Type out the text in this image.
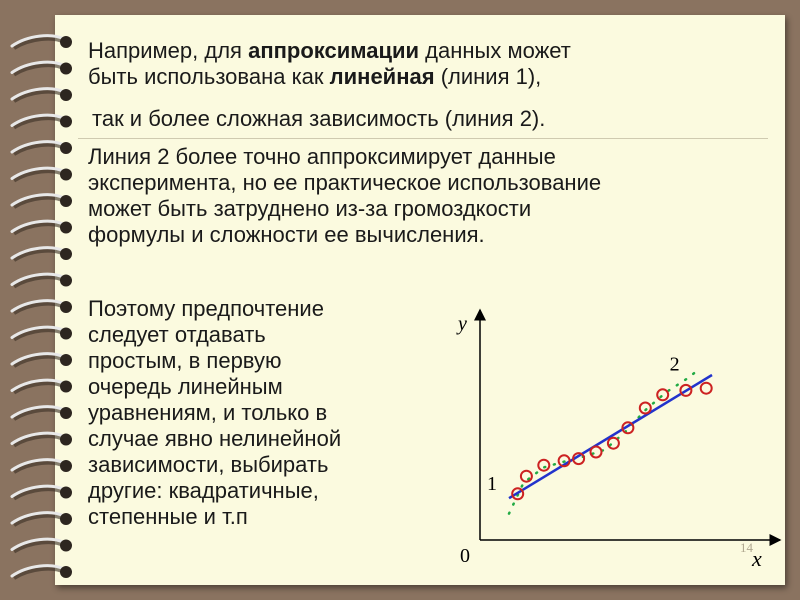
Например, для аппроксимации данных может

быть использована как линейная (линия 1),

так и более сложная зависимость (линия 2).

Линия 2 более точно аппроксимирует данные
эксперимента, но ее практическое использование
может быть затруднено из-за громоздкости
формулы и сложности ее вычисления.
Поэтому предпочтение
следует отдавать
простым, в первую
очередь линейным
уравнениям, и только в
случае явно нелинейной
зависимости, выбирать
другие: квадратичные,
степенные и т.п
y
x
0	14
1
2
